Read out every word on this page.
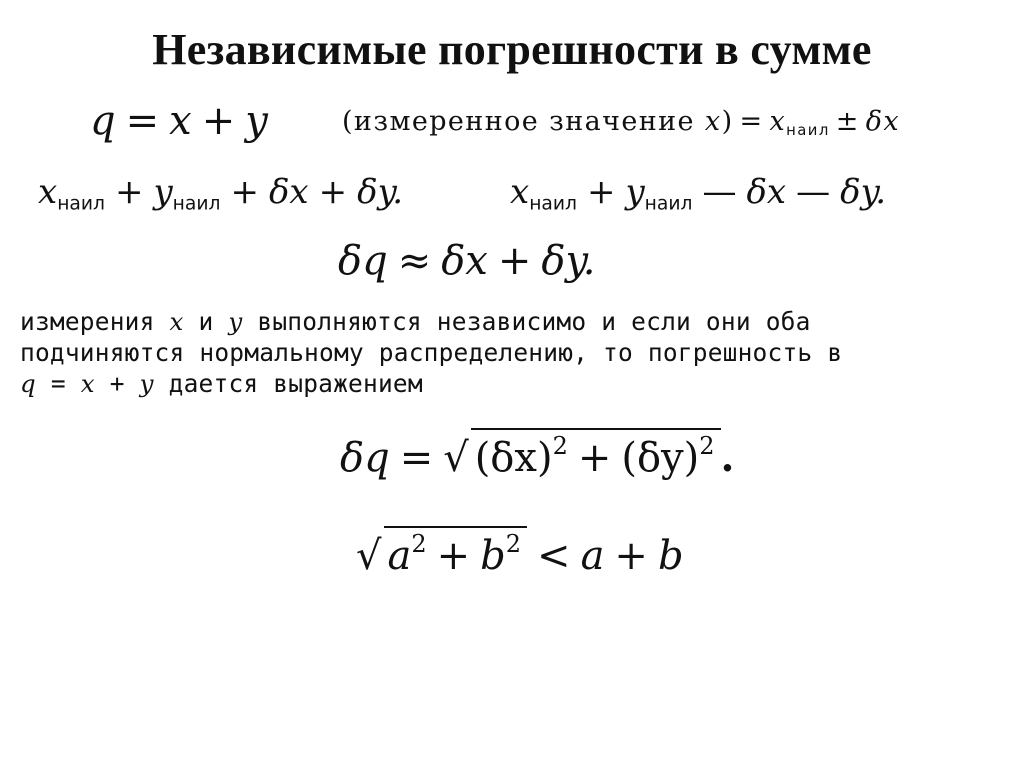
Независимые погрешности в сумме
q = x + y	(измеренное значение $x) = x_{наил} \pm \delta x$
$x_{наил} + y_{наил} + \delta x + \delta y$.	$x_{наил} + y_{наил}$ — δx — δy.
δq ≈ δx + δy.
измерения x и y выполняются независимо и если они оба
подчиняются нормальному распределению, то погрешность в
q = x + y дается выражением
δq = √ $(\delta x)^2 + (\delta y)^2$ .
√ $a^2 + b^2 < a + b$
